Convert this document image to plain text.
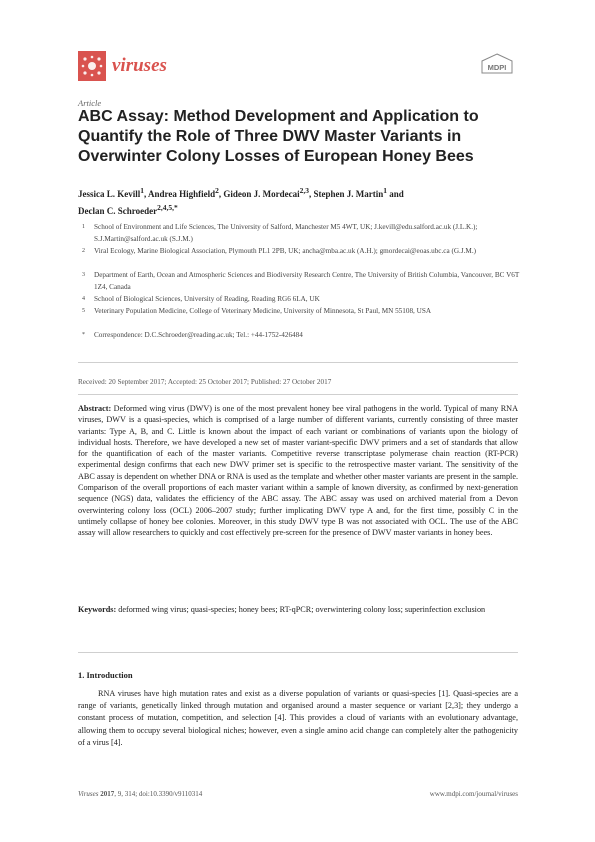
viruses	MDPI
Article
ABC Assay: Method Development and Application to Quantify the Role of Three DWV Master Variants in Overwinter Colony Losses of European Honey Bees
Jessica L. Kevill$^1$, Andrea Highfield$^2$, Gideon J. Mordecai$^{2,3}$, Stephen J. Martin$^1$ and
Declan C. Schroeder$^{2,4,5,*}$
1 School of Environment and Life Sciences, The University of Salford, Manchester M5 4WT, UK; J.kevill@edu.salford.ac.uk (J.L.K.); S.J.Martin@salford.ac.uk (S.J.M.)
2 Viral Ecology, Marine Biological Association, Plymouth PL1 2PB, UK; ancha@mba.ac.uk (A.H.); gmordecai@eoas.ubc.ca (G.J.M.)
3 Department of Earth, Ocean and Atmospheric Sciences and Biodiversity Research Centre, The University of British Columbia, Vancouver, BC V6T 1Z4, Canada
4 School of Biological Sciences, University of Reading, Reading RG6 6LA, UK
5 Veterinary Population Medicine, College of Veterinary Medicine, University of Minnesota, St Paul, MN 55108, USA
* Correspondence: D.C.Schroeder@reading.ac.uk; Tel.: +44-1752-426484
Received: 20 September 2017; Accepted: 25 October 2017; Published: 27 October 2017

Abstract: Deformed wing virus (DWV) is one of the most prevalent honey bee viral pathogens in the world. Typical of many RNA viruses, DWV is a quasi-species, which is comprised of a large number of different variants, currently consisting of three master variants: Type A, B, and C. Little is known about the impact of each variant or combinations of variants upon the biology of individual hosts. Therefore, we have developed a new set of master variant-specific DWV primers and a set of standards that allow for the quantification of each of the master variants. Competitive reverse transcriptase polymerase chain reaction (RT-PCR) experimental design confirms that each new DWV primer set is specific to the retrospective master variant. The sensitivity of the ABC assay is dependent on whether DNA or RNA is used as the template and whether other master variants are present in the sample. Comparison of the overall proportions of each master variant within a sample of known diversity, as confirmed by next-generation sequence (NGS) data, validates the efficiency of the ABC assay. The ABC assay was used on archived material from a Devon overwintering colony loss (OCL) 2006–2007 study; further implicating DWV type A and, for the first time, possibly C in the untimely collapse of honey bee colonies. Moreover, in this study DWV type B was not associated with OCL. The use of the ABC assay will allow researchers to quickly and cost effectively pre-screen for the presence of DWV master variants in honey bees.

Keywords: deformed wing virus; quasi-species; honey bees; RT-qPCR; overwintering colony loss; superinfection exclusion

1. Introduction

RNA viruses have high mutation rates and exist as a diverse population of variants or quasi-species [1]. Quasi-species are a range of variants, genetically linked through mutation and organised around a master sequence or variant [2,3]; they undergo a constant process of mutation, competition, and selection [4]. This provides a cloud of variants with an evolutionary advantage, allowing them to occupy several biological niches; however, even a single amino acid change can completely alter the pathogenicity of a virus [4].

Viruses 2017, 9, 314; doi:10.3390/v9110314	www.mdpi.com/journal/viruses
